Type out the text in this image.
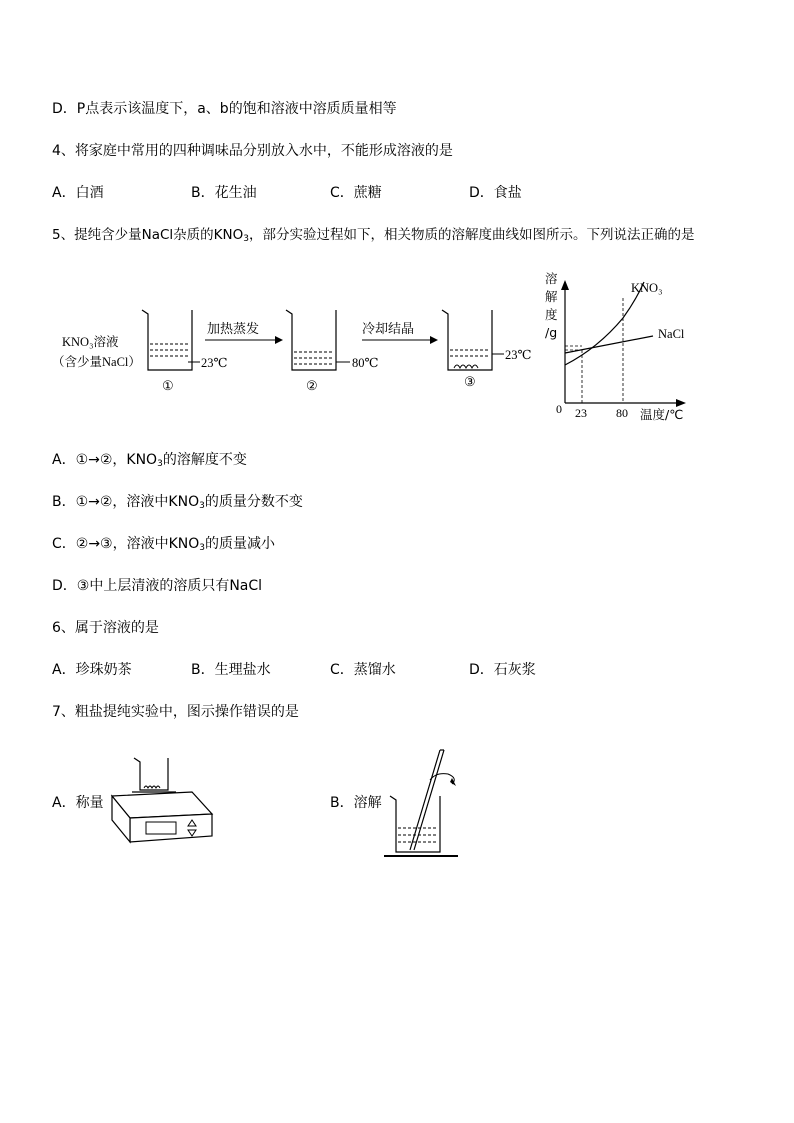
D．P点表示该温度下，a、b的饱和溶液中溶质质量相等
4、将家庭中常用的四种调味品分别放入水中，不能形成溶液的是
A．白酒	B．花生油	C．蔗糖	D．食盐
5、提纯含少量NaCl杂质的$KNO_3$，部分实验过程如下，相关物质的溶解度曲线如图所示。下列说法正确的是
KNO₃溶液
（含少量NaCl）	23℃
①
加热蒸发
80℃
②
冷却结晶
23℃
③
溶 解 度 /g
KNO₃
NaCl
0 23 80 温度/℃
A．①→②，$KNO_3$的溶解度不变
B．①→②，溶液中$KNO_3$的质量分数不变
C．②→③，溶液中$KNO_3$的质量减小
D．③中上层清液的溶质只有NaCl
6、属于溶液的是
A．珍珠奶茶	B．生理盐水	C．蒸馏水	D．石灰浆
7、粗盐提纯实验中，图示操作错误的是
A．称量	B．溶解
